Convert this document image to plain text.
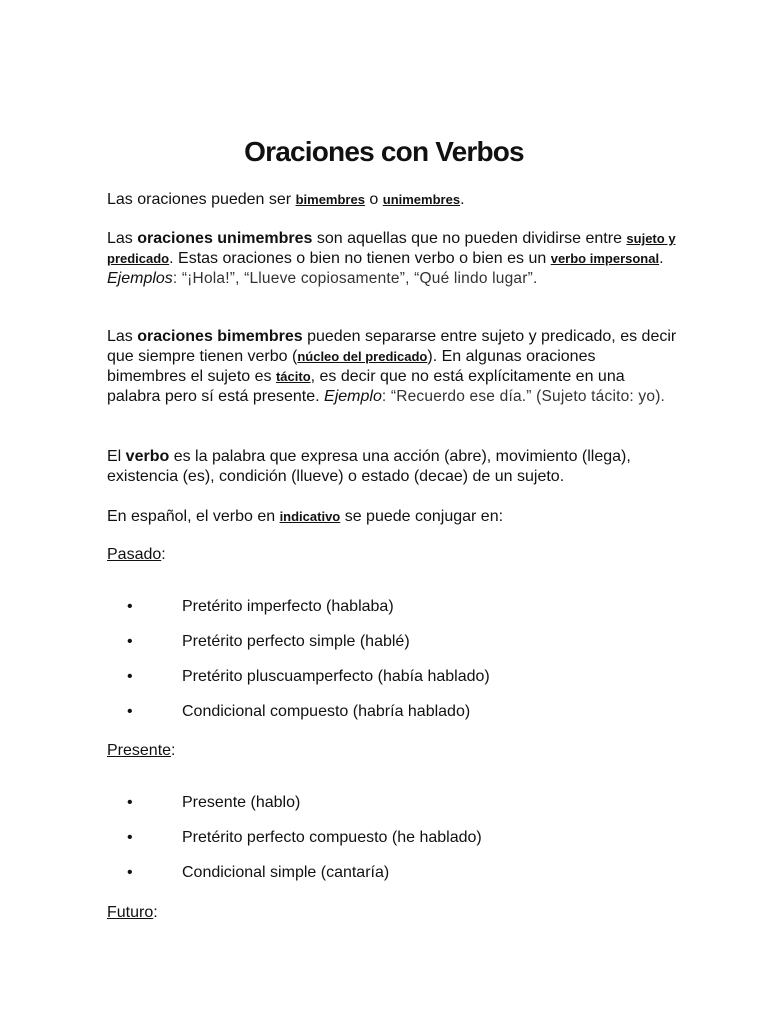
Oraciones con Verbos
Las oraciones pueden ser bimembres o unimembres.
Las oraciones unimembres son aquellas que no pueden dividirse entre sujeto y predicado. Estas oraciones o bien no tienen verbo o bien es un verbo impersonal. Ejemplos: “¡Hola!”, “Llueve copiosamente”, “Qué lindo lugar”.
Las oraciones bimembres pueden separarse entre sujeto y predicado, es decir que siempre tienen verbo (núcleo del predicado). En algunas oraciones bimembres el sujeto es tácito, es decir que no está explícitamente en una palabra pero sí está presente. Ejemplo: “Recuerdo ese día.” (Sujeto tácito: yo).
El verbo es la palabra que expresa una acción (abre), movimiento (llega), existencia (es), condición (llueve) o estado (decae) de un sujeto.
En español, el verbo en indicativo se puede conjugar en:
Pasado:
•	Pretérito imperfecto (hablaba)
•	Pretérito perfecto simple (hablé)
•	Pretérito pluscuamperfecto (había hablado)
•	Condicional compuesto (habría hablado)
Presente:
•	Presente (hablo)
•	Pretérito perfecto compuesto (he hablado)
•	Condicional simple (cantaría)
Futuro:
